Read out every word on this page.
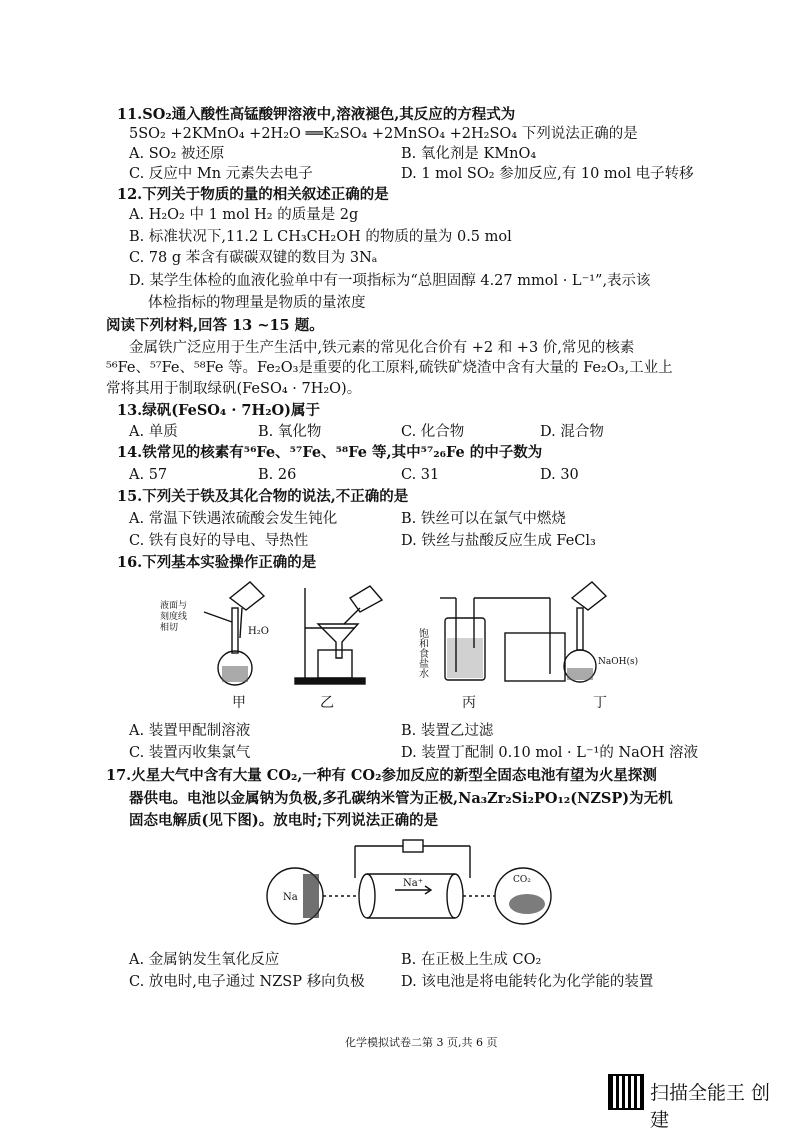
11.SO₂通入酸性高锰酸钾溶液中,溶液褪色,其反应的方程式为
5SO₂ +2KMnO₄ +2H₂O ══K₂SO₄ +2MnSO₄ +2H₂SO₄ 下列说法正确的是
A. SO₂ 被还原	B. 氧化剂是 KMnO₄
C. 反应中 Mn 元素失去电子	D. 1 mol SO₂ 参加反应,有 10 mol 电子转移
12.下列关于物质的量的相关叙述正确的是
A. H₂O₂ 中 1 mol H₂ 的质量是 2g
B. 标准状况下,11.2 L CH₃CH₂OH 的物质的量为 0.5 mol
C. 78 g 苯含有碳碳双键的数目为 3Nₐ
D. 某学生体检的血液化验单中有一项指标为“总胆固醇 4.27 mmol · L⁻¹”,表示该
体检指标的物理量是物质的量浓度
阅读下列材料,回答 13 ~15 题。
金属铁广泛应用于生产生活中,铁元素的常见化合价有 +2 和 +3 价,常见的核素
⁵⁶Fe、⁵⁷Fe、⁵⁸Fe 等。Fe₂O₃是重要的化工原料,硫铁矿烧渣中含有大量的 Fe₂O₃,工业上
常将其用于制取绿矾(FeSO₄ · 7H₂O)。
13.绿矾(FeSO₄ · 7H₂O)属于
A. 单质	B. 氧化物	C. 化合物	D. 混合物
14.铁常见的核素有⁵⁶Fe、⁵⁷Fe、⁵⁸Fe 等,其中⁵⁷₂₆Fe 的中子数为
A. 57	B. 26	C. 31	D. 30
15.下列关于铁及其化合物的说法,不正确的是
A. 常温下铁遇浓硫酸会发生钝化	B. 铁丝可以在氯气中燃烧
C. 铁有良好的导电、导热性	D. 铁丝与盐酸反应生成 FeCl₃
16.下列基本实验操作正确的是
液面与
刻度线
相切	H₂O	饱和食盐水	NaOH(s)
甲	乙	丙	丁
A. 装置甲配制溶液	B. 装置乙过滤
C. 装置丙收集氯气	D. 装置丁配制 0.10 mol · L⁻¹的 NaOH 溶液
17.火星大气中含有大量 CO₂,一种有 CO₂参加反应的新型全固态电池有望为火星探测
器供电。电池以金属钠为负极,多孔碳纳米管为正极,Na₃Zr₂Si₂PO₁₂(NZSP)为无机
固态电解质(见下图)。放电时;下列说法正确的是
Na
Na⁺	CO₂
A. 金属钠发生氧化反应	B. 在正极上生成 CO₂
C. 放电时,电子通过 NZSP 移向负极	D. 该电池是将电能转化为化学能的装置
化学模拟试卷二第 3 页,共 6 页
扫描全能王 创建
